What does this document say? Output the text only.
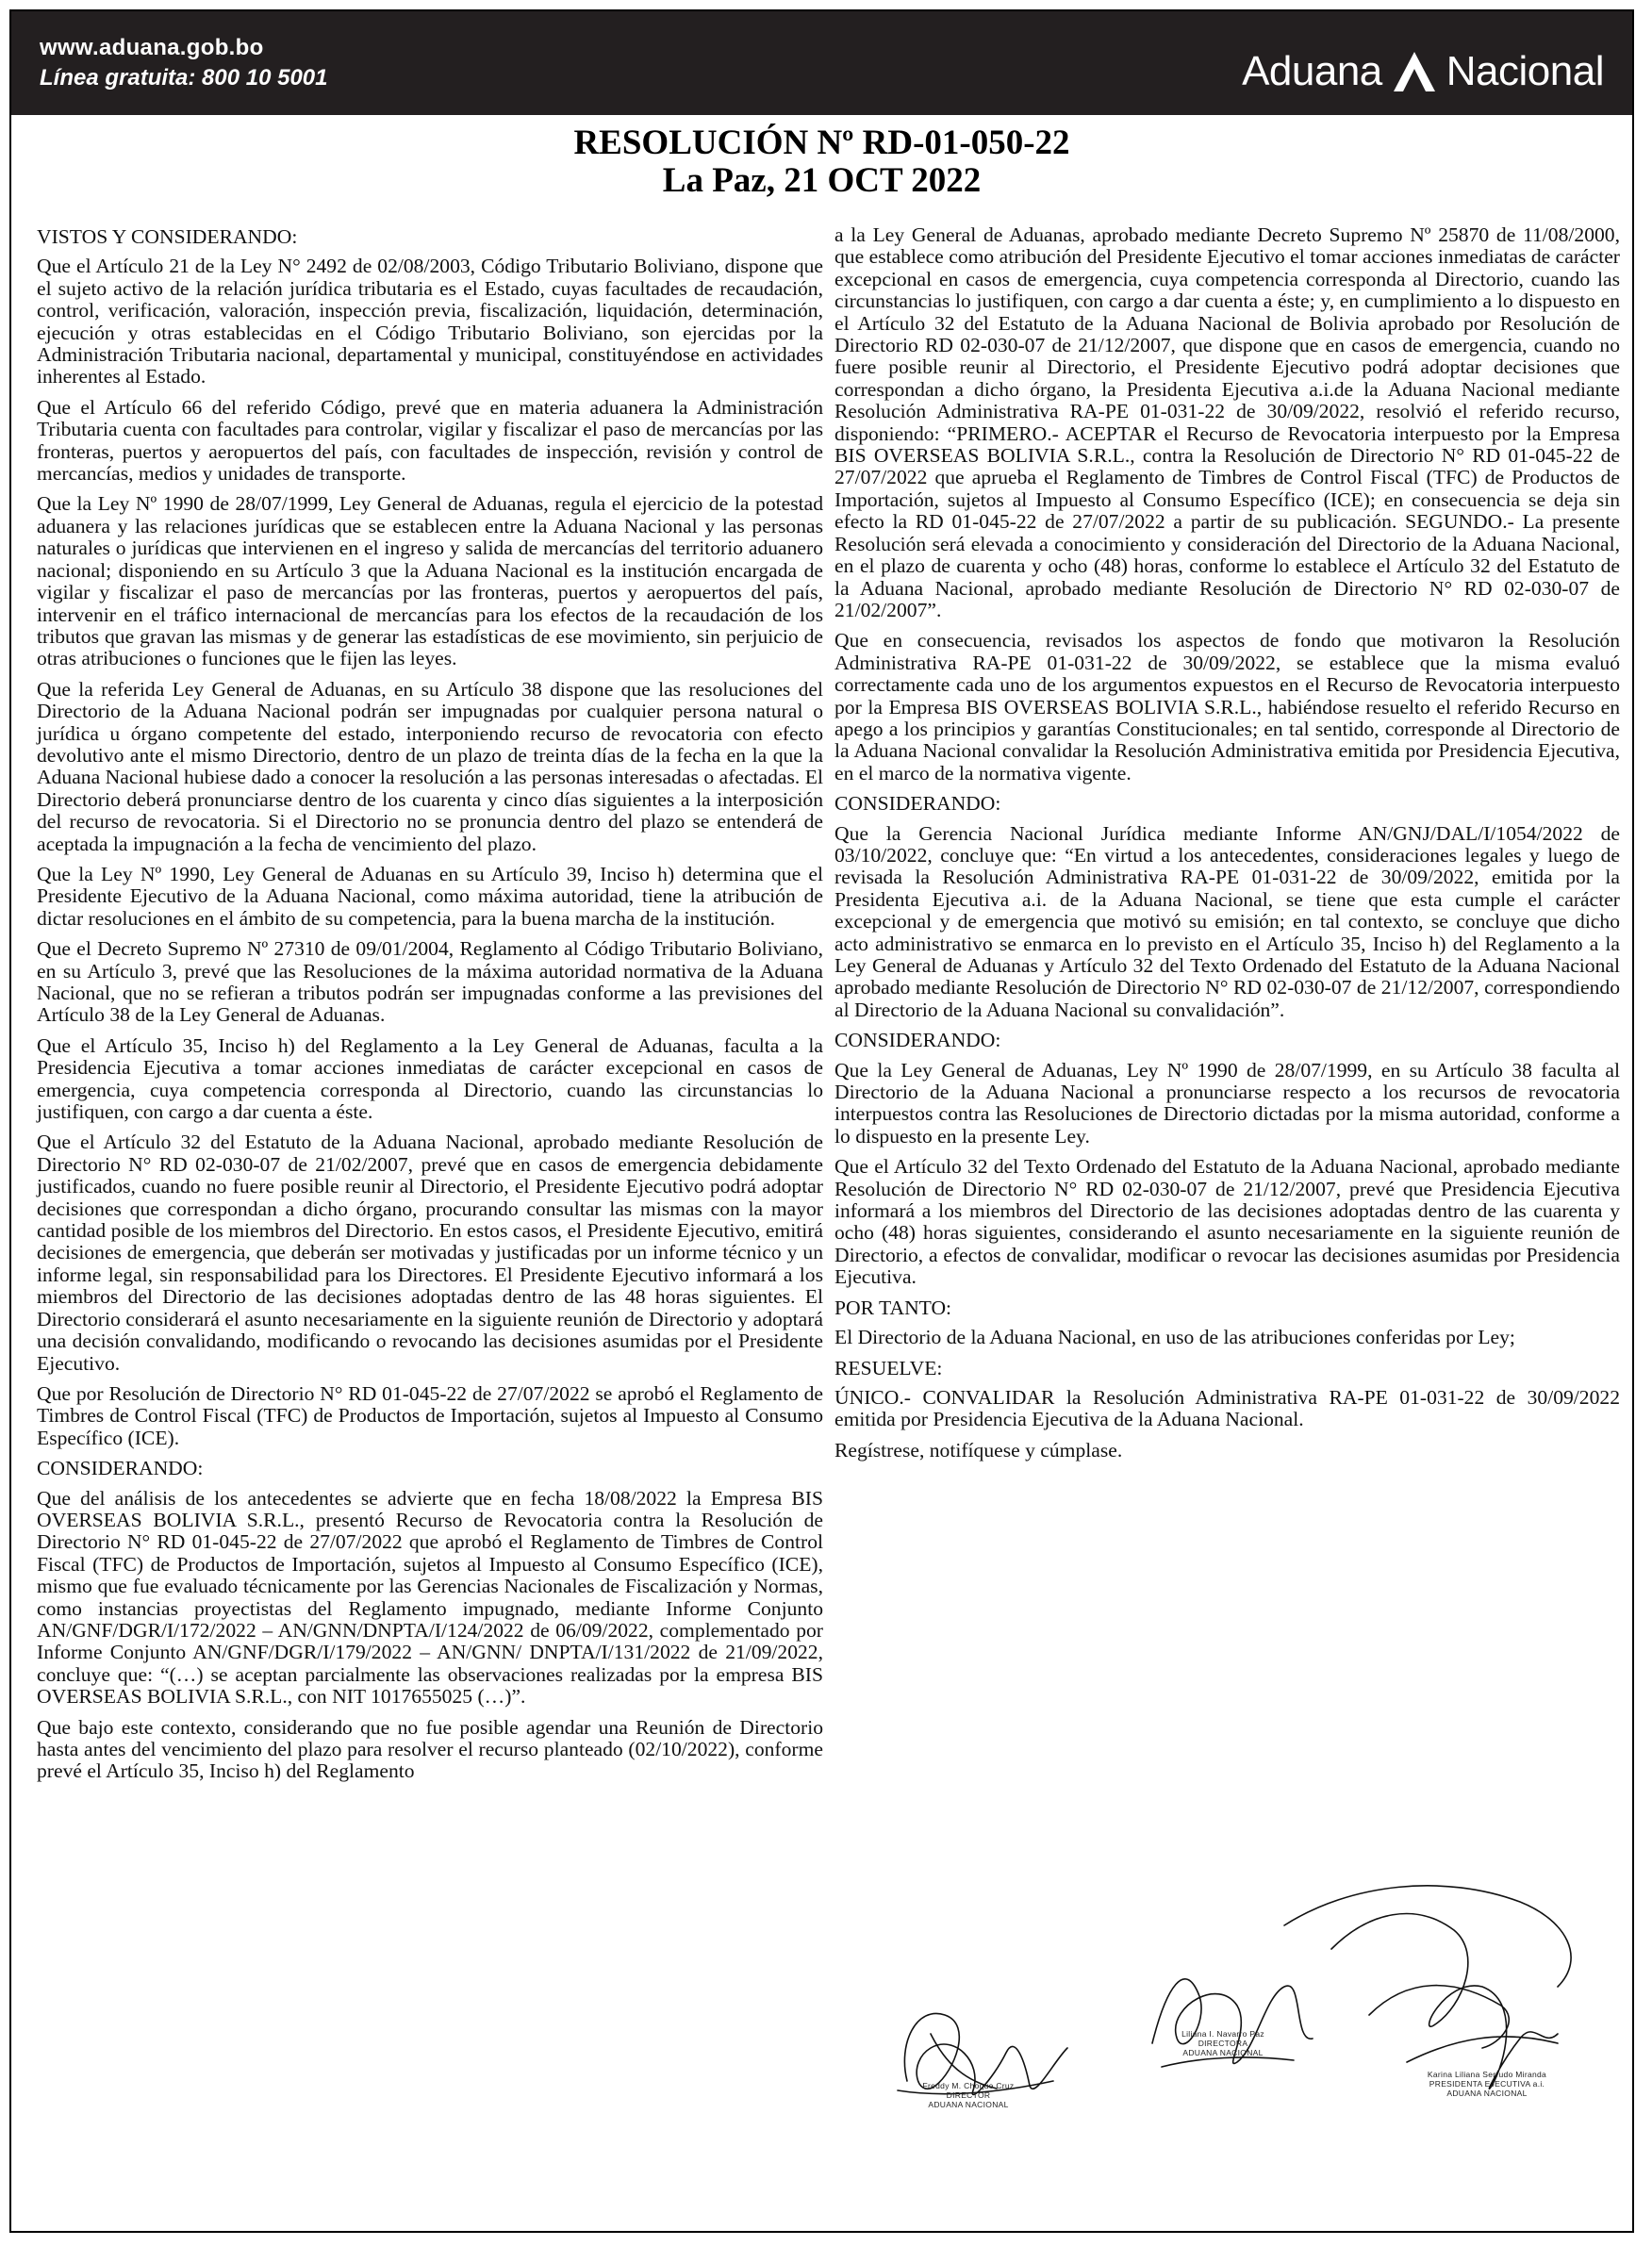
www.aduana.gob.bo
Línea gratuita: 800 10 5001	Aduana Nacional
RESOLUCIÓN Nº RD-01-050-22
La Paz, 21 OCT 2022

VISTOS Y CONSIDERANDO:

Que el Artículo 21 de la Ley N° 2492 de 02/08/2003, Código Tributario Boliviano, dispone que el sujeto activo de la relación jurídica tributaria es el Estado, cuyas facultades de recaudación, control, verificación, valoración, inspección previa, fiscalización, liquidación, determinación, ejecución y otras establecidas en el Código Tributario Boliviano, son ejercidas por la Administración Tributaria nacional, departamental y municipal, constituyéndose en actividades inherentes al Estado.

Que el Artículo 66 del referido Código, prevé que en materia aduanera la Administración Tributaria cuenta con facultades para controlar, vigilar y fiscalizar el paso de mercancías por las fronteras, puertos y aeropuertos del país, con facultades de inspección, revisión y control de mercancías, medios y unidades de transporte.

Que la Ley Nº 1990 de 28/07/1999, Ley General de Aduanas, regula el ejercicio de la potestad aduanera y las relaciones jurídicas que se establecen entre la Aduana Nacional y las personas naturales o jurídicas que intervienen en el ingreso y salida de mercancías del territorio aduanero nacional; disponiendo en su Artículo 3 que la Aduana Nacional es la institución encargada de vigilar y fiscalizar el paso de mercancías por las fronteras, puertos y aeropuertos del país, intervenir en el tráfico internacional de mercancías para los efectos de la recaudación de los tributos que gravan las mismas y de generar las estadísticas de ese movimiento, sin perjuicio de otras atribuciones o funciones que le fijen las leyes.

Que la referida Ley General de Aduanas, en su Artículo 38 dispone que las resoluciones del Directorio de la Aduana Nacional podrán ser impugnadas por cualquier persona natural o jurídica u órgano competente del estado, interponiendo recurso de revocatoria con efecto devolutivo ante el mismo Directorio, dentro de un plazo de treinta días de la fecha en la que la Aduana Nacional hubiese dado a conocer la resolución a las personas interesadas o afectadas. El Directorio deberá pronunciarse dentro de los cuarenta y cinco días siguientes a la interposición del recurso de revocatoria. Si el Directorio no se pronuncia dentro del plazo se entenderá de aceptada la impugnación a la fecha de vencimiento del plazo.

Que la Ley Nº 1990, Ley General de Aduanas en su Artículo 39, Inciso h) determina que el Presidente Ejecutivo de la Aduana Nacional, como máxima autoridad, tiene la atribución de dictar resoluciones en el ámbito de su competencia, para la buena marcha de la institución.

Que el Decreto Supremo Nº 27310 de 09/01/2004, Reglamento al Código Tributario Boliviano, en su Artículo 3, prevé que las Resoluciones de la máxima autoridad normativa de la Aduana Nacional, que no se refieran a tributos podrán ser impugnadas conforme a las previsiones del Artículo 38 de la Ley General de Aduanas.

Que el Artículo 35, Inciso h) del Reglamento a la Ley General de Aduanas, faculta a la Presidencia Ejecutiva a tomar acciones inmediatas de carácter excepcional en casos de emergencia, cuya competencia corresponda al Directorio, cuando las circunstancias lo justifiquen, con cargo a dar cuenta a éste.

Que el Artículo 32 del Estatuto de la Aduana Nacional, aprobado mediante Resolución de Directorio N° RD 02-030-07 de 21/02/2007, prevé que en casos de emergencia debidamente justificados, cuando no fuere posible reunir al Directorio, el Presidente Ejecutivo podrá adoptar decisiones que correspondan a dicho órgano, procurando consultar las mismas con la mayor cantidad posible de los miembros del Directorio. En estos casos, el Presidente Ejecutivo, emitirá decisiones de emergencia, que deberán ser motivadas y justificadas por un informe técnico y un informe legal, sin responsabilidad para los Directores. El Presidente Ejecutivo informará a los miembros del Directorio de las decisiones adoptadas dentro de las 48 horas siguientes. El Directorio considerará el asunto necesariamente en la siguiente reunión de Directorio y adoptará una decisión convalidando, modificando o revocando las decisiones asumidas por el Presidente Ejecutivo.

Que por Resolución de Directorio N° RD 01-045-22 de 27/07/2022 se aprobó el Reglamento de Timbres de Control Fiscal (TFC) de Productos de Importación, sujetos al Impuesto al Consumo Específico (ICE).

CONSIDERANDO:

Que del análisis de los antecedentes se advierte que en fecha 18/08/2022 la Empresa BIS OVERSEAS BOLIVIA S.R.L., presentó Recurso de Revocatoria contra la Resolución de Directorio N° RD 01-045-22 de 27/07/2022 que aprobó el Reglamento de Timbres de Control Fiscal (TFC) de Productos de Importación, sujetos al Impuesto al Consumo Específico (ICE), mismo que fue evaluado técnicamente por las Gerencias Nacionales de Fiscalización y Normas, como instancias proyectistas del Reglamento impugnado, mediante Informe Conjunto AN/GNF/DGR/I/172/2022 – AN/GNN/DNPTA/I/124/2022 de 06/09/2022, complementado por Informe Conjunto AN/GNF/DGR/I/179/2022 – AN/GNN/ DNPTA/I/131/2022 de 21/09/2022, concluye que: “(…) se aceptan parcialmente las observaciones realizadas por la empresa BIS OVERSEAS BOLIVIA S.R.L., con NIT 1017655025 (…)”.

Que bajo este contexto, considerando que no fue posible agendar una Reunión de Directorio hasta antes del vencimiento del plazo para resolver el recurso planteado (02/10/2022), conforme prevé el Artículo 35, Inciso h) del Reglamento

a la Ley General de Aduanas, aprobado mediante Decreto Supremo Nº 25870 de 11/08/2000, que establece como atribución del Presidente Ejecutivo el tomar acciones inmediatas de carácter excepcional en casos de emergencia, cuya competencia corresponda al Directorio, cuando las circunstancias lo justifiquen, con cargo a dar cuenta a éste; y, en cumplimiento a lo dispuesto en el Artículo 32 del Estatuto de la Aduana Nacional de Bolivia aprobado por Resolución de Directorio RD 02-030-07 de 21/12/2007, que dispone que en casos de emergencia, cuando no fuere posible reunir al Directorio, el Presidente Ejecutivo podrá adoptar decisiones que correspondan a dicho órgano, la Presidenta Ejecutiva a.i.de la Aduana Nacional mediante Resolución Administrativa RA-PE 01-031-22 de 30/09/2022, resolvió el referido recurso, disponiendo: “PRIMERO.- ACEPTAR el Recurso de Revocatoria interpuesto por la Empresa BIS OVERSEAS BOLIVIA S.R.L., contra la Resolución de Directorio N° RD 01-045-22 de 27/07/2022 que aprueba el Reglamento de Timbres de Control Fiscal (TFC) de Productos de Importación, sujetos al Impuesto al Consumo Específico (ICE); en consecuencia se deja sin efecto la RD 01-045-22 de 27/07/2022 a partir de su publicación. SEGUNDO.- La presente Resolución será elevada a conocimiento y consideración del Directorio de la Aduana Nacional, en el plazo de cuarenta y ocho (48) horas, conforme lo establece el Artículo 32 del Estatuto de la Aduana Nacional, aprobado mediante Resolución de Directorio N° RD 02-030-07 de 21/02/2007”.

Que en consecuencia, revisados los aspectos de fondo que motivaron la Resolución Administrativa RA-PE 01-031-22 de 30/09/2022, se establece que la misma evaluó correctamente cada uno de los argumentos expuestos en el Recurso de Revocatoria interpuesto por la Empresa BIS OVERSEAS BOLIVIA S.R.L., habiéndose resuelto el referido Recurso en apego a los principios y garantías Constitucionales; en tal sentido, corresponde al Directorio de la Aduana Nacional convalidar la Resolución Administrativa emitida por Presidencia Ejecutiva, en el marco de la normativa vigente.

CONSIDERANDO:

Que la Gerencia Nacional Jurídica mediante Informe AN/GNJ/DAL/I/1054/2022 de 03/10/2022, concluye que: “En virtud a los antecedentes, consideraciones legales y luego de revisada la Resolución Administrativa RA-PE 01-031-22 de 30/09/2022, emitida por la Presidenta Ejecutiva a.i. de la Aduana Nacional, se tiene que esta cumple el carácter excepcional y de emergencia que motivó su emisión; en tal contexto, se concluye que dicho acto administrativo se enmarca en lo previsto en el Artículo 35, Inciso h) del Reglamento a la Ley General de Aduanas y Artículo 32 del Texto Ordenado del Estatuto de la Aduana Nacional aprobado mediante Resolución de Directorio N° RD 02-030-07 de 21/12/2007, correspondiendo al Directorio de la Aduana Nacional su convalidación”.

CONSIDERANDO:

Que la Ley General de Aduanas, Ley Nº 1990 de 28/07/1999, en su Artículo 38 faculta al Directorio de la Aduana Nacional a pronunciarse respecto a los recursos de revocatoria interpuestos contra las Resoluciones de Directorio dictadas por la misma autoridad, conforme a lo dispuesto en la presente Ley.

Que el Artículo 32 del Texto Ordenado del Estatuto de la Aduana Nacional, aprobado mediante Resolución de Directorio N° RD 02-030-07 de 21/12/2007, prevé que Presidencia Ejecutiva informará a los miembros del Directorio de las decisiones adoptadas dentro de las cuarenta y ocho (48) horas siguientes, considerando el asunto necesariamente en la siguiente reunión de Directorio, a efectos de convalidar, modificar o revocar las decisiones asumidas por Presidencia Ejecutiva.

POR TANTO:

El Directorio de la Aduana Nacional, en uso de las atribuciones conferidas por Ley;

RESUELVE:

ÚNICO.- CONVALIDAR la Resolución Administrativa RA-PE 01-031-22 de 30/09/2022 emitida por Presidencia Ejecutiva de la Aduana Nacional.

Regístrese, notifíquese y cúmplase.

Freddy M. Choque Cruz
DIRECTOR
ADUANA NACIONAL
Liliana I. Navarro Paz
DIRECTORA
ADUANA NACIONAL
Karina Liliana Serrudo Miranda
PRESIDENTA EJECUTIVA a.i.
ADUANA NACIONAL
